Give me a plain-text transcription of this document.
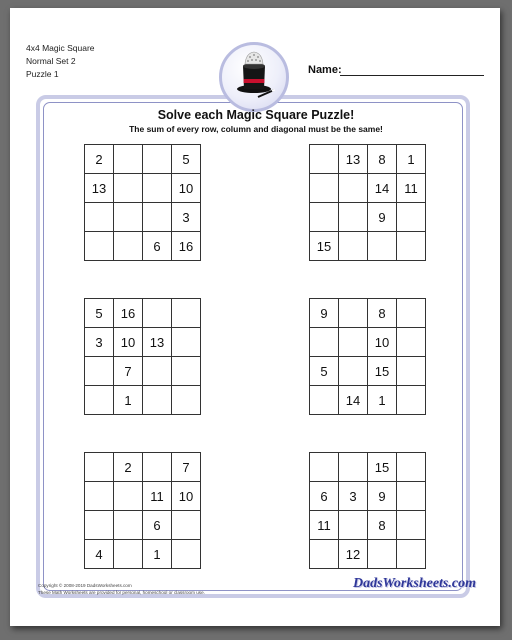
4x4 Magic Square
Normal Set 2
Puzzle 1	Name:
Solve each Magic Square Puzzle!
The sum of every row, column and diagonal must be the same!
2			5
13			10
			3
		6	16
	13	8	1
		14	11
		9	
15			
5	16		
3	10	13	
	7		
	1		
9		8	
		10	
5		15	
	14	1	
	2		7
		11	10
		6	
4		1	
		15	
6	3	9	
11		8	
	12		
Copyright © 2008-2019 DadsWorksheets.com
These Math Worksheets are provided for personal, homeschool or classroom use.
DadsWorksheets.com
